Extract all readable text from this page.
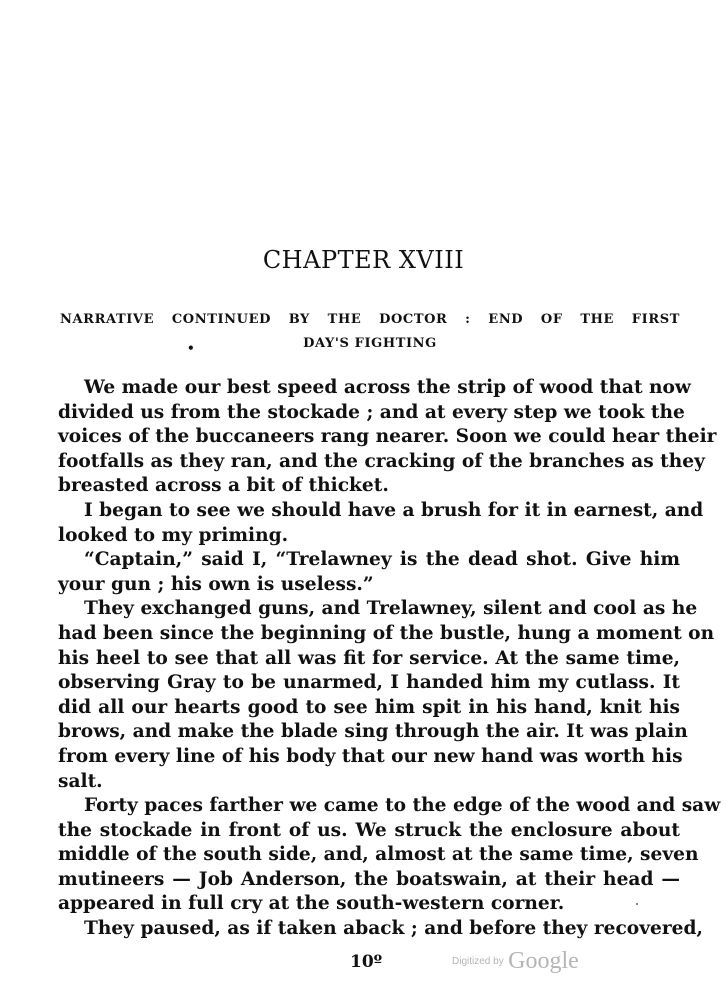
CHAPTER XVIII
NARRATIVE CONTINUED BY THE DOCTOR : END OF THE FIRST
DAY'S FIGHTING
•
We made our best speed across the strip of wood that now
divided us from the stockade ; and at every step we took the
voices of the buccaneers rang nearer. Soon we could hear their
footfalls as they ran, and the cracking of the branches as they
breasted across a bit of thicket.
I began to see we should have a brush for it in earnest, and
looked to my priming.
“Captain,” said I, “Trelawney is the dead shot. Give him
your gun ; his own is useless.”
They exchanged guns, and Trelawney, silent and cool as he
had been since the beginning of the bustle, hung a moment on
his heel to see that all was fit for service. At the same time,
observing Gray to be unarmed, I handed him my cutlass. It
did all our hearts good to see him spit in his hand, knit his
brows, and make the blade sing through the air. It was plain
from every line of his body that our new hand was worth his
salt.
Forty paces farther we came to the edge of the wood and saw
the stockade in front of us. We struck the enclosure about
middle of the south side, and, almost at the same time, seven
mutineers — Job Anderson, the boatswain, at their head —
appeared in full cry at the south-western corner.
They paused, as if taken aback ; and before they recovered,
10º	Digitized by Google
